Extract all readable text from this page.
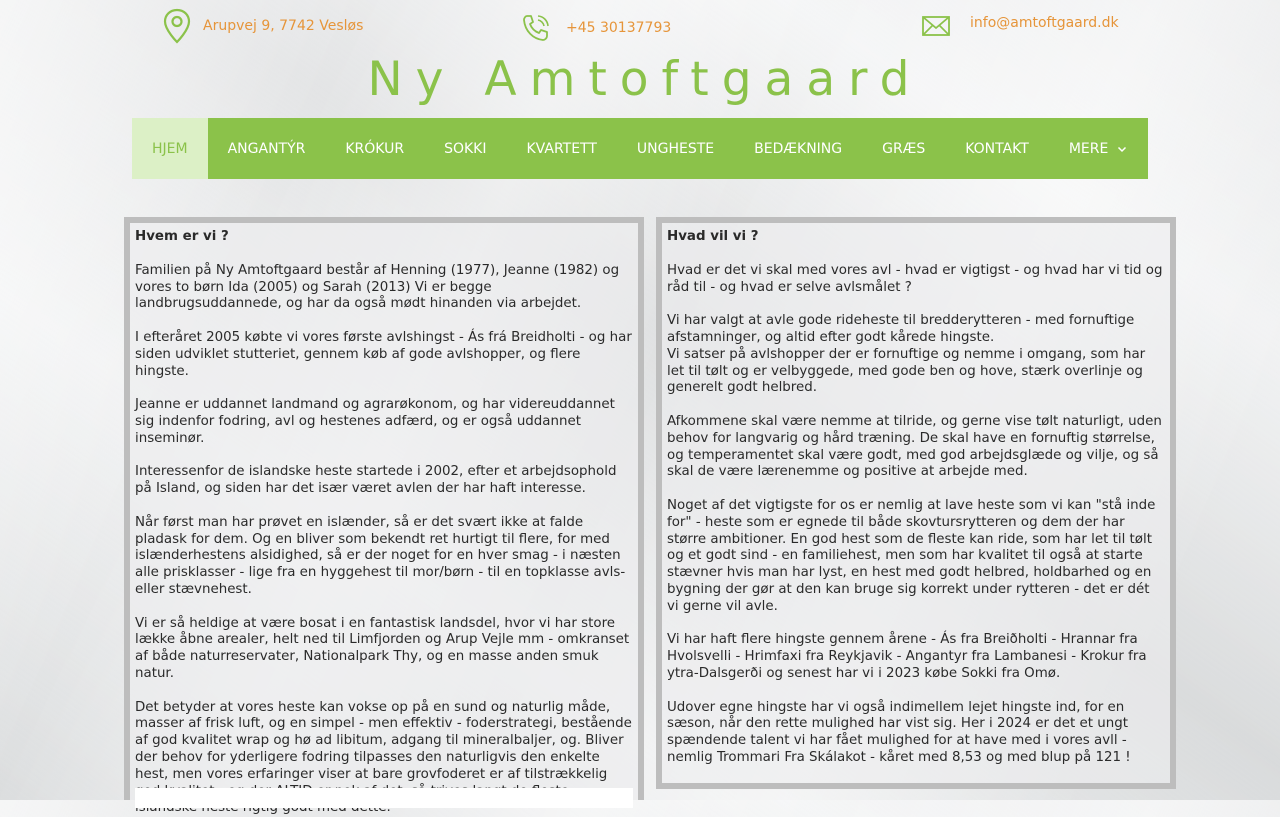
Arupvej 9, 7742 Vesløs	+45 30137793	info@amtoftgaard.dk
Ny Amtoftgaard
HJEM	ANGANTÝR	KRÓKUR	SOKKI	KVARTETT	UNGHESTE	BEDÆKNING	GRÆS	KONTAKT	MERE
Hvem er vi ?

Familien på Ny Amtoftgaard består af Henning (1977), Jeanne (1982) og vores to børn Ida (2005) og Sarah (2013) Vi er begge landbrugsuddannede, og har da også mødt hinanden via arbejdet.

I efteråret 2005 købte vi vores første avlshingst - Ás frá Breidholti - og har siden udviklet stutteriet, gennem køb af gode avlshopper, og flere hingste.

Jeanne er uddannet landmand og agrarøkonom, og har videreuddannet sig indenfor fodring, avl og hestenes adfærd, og er også uddannet inseminør.

Interessenfor de islandske heste startede i 2002, efter et arbejdsophold på Island, og siden har det især været avlen der har haft interesse.

Når først man har prøvet en islænder, så er det svært ikke at falde pladask for dem. Og en bliver som bekendt ret hurtigt til flere, for med islænderhestens alsidighed, så er der noget for en hver smag - i næsten alle prisklasser - lige fra en hyggehest til mor/børn - til en topklasse avls- eller stævnehest.

Vi er så heldige at være bosat i en fantastisk landsdel, hvor vi har store lække åbne arealer, helt ned til Limfjorden og Arup Vejle mm - omkranset af både naturreservater, Nationalpark Thy, og en masse anden smuk natur.

Det betyder at vores heste kan vokse op på en sund og naturlig måde, masser af frisk luft, og en simpel - men effektiv - foderstrategi, bestående af god kvalitet wrap og hø ad libitum, adgang til mineralbaljer, og. Bliver der behov for yderligere fodring tilpasses den naturligvis den enkelte hest, men vores erfaringer viser at bare grovfoderet er af tilstrækkelig

Hvad vil vi ?

Hvad er det vi skal med vores avl - hvad er vigtigst - og hvad har vi tid og råd til - og hvad er selve avlsmålet ?

Vi har valgt at avle gode rideheste til bredderytteren - med fornuftige afstamninger, og altid efter godt kårede hingste.
Vi satser på avlshopper der er fornuftige og nemme i omgang, som har let til tølt og er velbyggede, med gode ben og hove, stærk overlinje og generelt godt helbred.

Afkommene skal være nemme at tilride, og gerne vise tølt naturligt, uden behov for langvarig og hård træning. De skal have en fornuftig størrelse, og temperamentet skal være godt, med god arbejdsglæde og vilje, og så skal de være lærenemme og positive at arbejde med.

Noget af det vigtigste for os er nemlig at lave heste som vi kan "stå inde for" - heste som er egnede til både skovtursrytteren og dem der har større ambitioner. En god hest som de fleste kan ride, som har let til tølt og et godt sind - en familiehest, men som har kvalitet til også at starte stævner hvis man har lyst, en hest med godt helbred, holdbarhed og en bygning der gør at den kan bruge sig korrekt under rytteren - det er dét vi gerne vil avle.

Vi har haft flere hingste gennem årene - Ás fra Breiðholti - Hrannar fra Hvolsvelli - Hrimfaxi fra Reykjavik - Angantyr fra Lambanesi - Krokur fra ytra-Dalsgerði og senest har vi i 2023 købe Sokki fra Omø.

Udover egne hingste har vi også indimellem lejet hingste ind, for en sæson, når den rette mulighed har vist sig. Her i 2024 er det et ungt spændende talent vi har fået mulighed for at have med i vores avll - nemlig Trommari Fra Skálakot - kåret med 8,53 og med blup på 121 !
